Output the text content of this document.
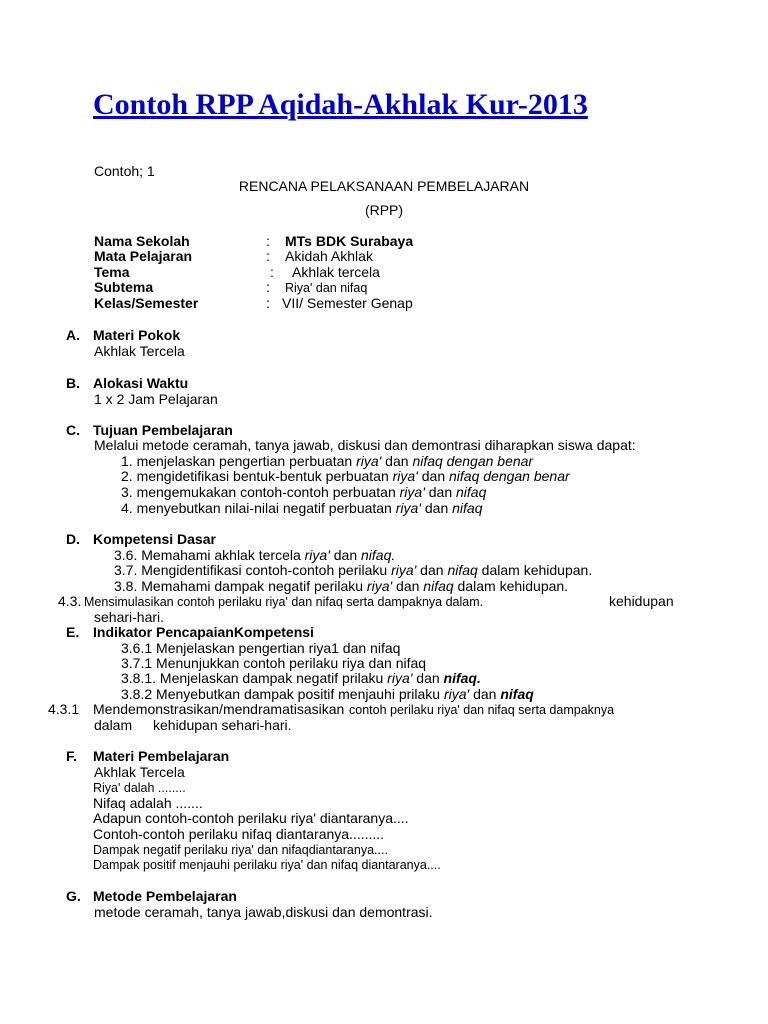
Contoh RPP Aqidah-Akhlak Kur-2013
Contoh; 1
RENCANA PELAKSANAAN PEMBELAJARAN
(RPP)
Nama Sekolah	: MTs BDK Surabaya
Mata Pelajaran	: Akidah Akhlak
Tema	: Akhlak tercela
Subtema	: Riya' dan nifaq
Kelas/Semester	: VII/ Semester Genap
A. Materi Pokok
Akhlak Tercela
B. Alokasi Waktu
1 x 2 Jam Pelajaran
C. Tujuan Pembelajaran
Melalui metode ceramah, tanya jawab, diskusi dan demontrasi diharapkan siswa dapat:
1. menjelaskan pengertian perbuatan riya' dan nifaq dengan benar
2. mengidetifikasi bentuk-bentuk perbuatan riya' dan nifaq dengan benar
3. mengemukakan contoh-contoh perbuatan riya' dan nifaq
4. menyebutkan nilai-nilai negatif perbuatan riya' dan nifaq
D. Kompetensi Dasar
3.6. Memahami akhlak tercela riya' dan nifaq.
3.7. Mengidentifikasi contoh-contoh perilaku riya' dan nifaq dalam kehidupan.
3.8. Memahami dampak negatif perilaku riya' dan nifaq dalam kehidupan.
4.3. Mensimulasikan contoh perilaku riya' dan nifaq serta dampaknya dalam.	kehidupan
sehari-hari.
E. Indikator PencapaianKompetensi
3.6.1 Menjelaskan pengertian riya1 dan nifaq
3.7.1 Menunjukkan contoh perilaku riya dan nifaq
3.8.1. Menjelaskan dampak negatif prilaku riya' dan nifaq.
3.8.2 Menyebutkan dampak positif menjauhi prilaku riya' dan nifaq
4.3.1 Mendemonstrasikan/mendramatisasikan contoh perilaku riya' dan nifaq serta dampaknya
dalam kehidupan sehari-hari.
F. Materi Pembelajaran
Akhlak Tercela
Riya' dalah ........
Nifaq adalah .......
Adapun contoh-contoh perilaku riya' diantaranya....
Contoh-contoh perilaku nifaq diantaranya.........
Dampak negatif perilaku riya' dan nifaqdiantaranya....
Dampak positif menjauhi perilaku riya' dan nifaq diantaranya....
G. Metode Pembelajaran
metode ceramah, tanya jawab,diskusi dan demontrasi.
